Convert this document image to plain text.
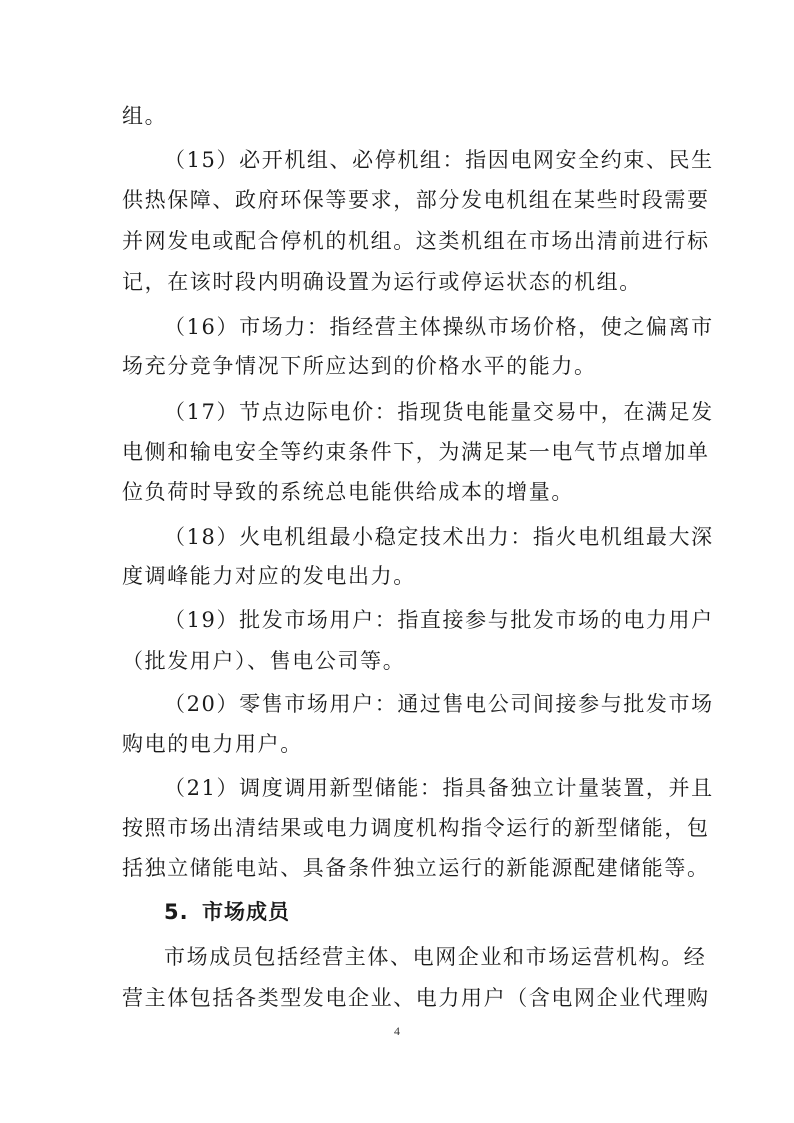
组。
（15）必开机组、必停机组：指因电网安全约束、民生
供热保障、政府环保等要求，部分发电机组在某些时段需要
并网发电或配合停机的机组。这类机组在市场出清前进行标
记，在该时段内明确设置为运行或停运状态的机组。
（16）市场力：指经营主体操纵市场价格，使之偏离市
场充分竞争情况下所应达到的价格水平的能力。
（17）节点边际电价：指现货电能量交易中，在满足发
电侧和输电安全等约束条件下，为满足某一电气节点增加单
位负荷时导致的系统总电能供给成本的增量。
（18）火电机组最小稳定技术出力：指火电机组最大深
度调峰能力对应的发电出力。
（19）批发市场用户：指直接参与批发市场的电力用户
（批发用户）、售电公司等。
（20）零售市场用户：通过售电公司间接参与批发市场
购电的电力用户。
（21）调度调用新型储能：指具备独立计量装置，并且
按照市场出清结果或电力调度机构指令运行的新型储能，包
括独立储能电站、具备条件独立运行的新能源配建储能等。
5. 市场成员
市场成员包括经营主体、电网企业和市场运营机构。经
营主体包括各类型发电企业、电力用户（含电网企业代理购
4
